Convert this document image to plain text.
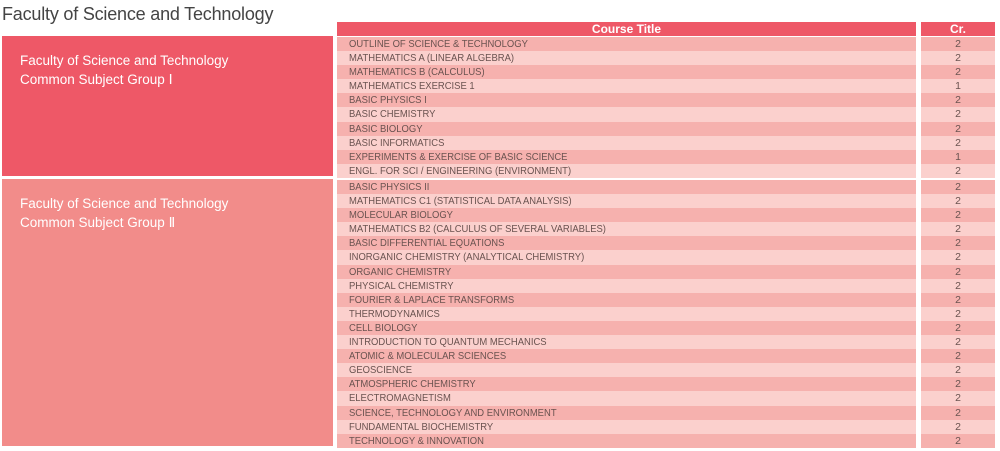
Faculty of Science and Technology
Course Title	Cr.
Faculty of Science and Technology
Common Subject Group Ⅰ
Faculty of Science and Technology
Common Subject Group Ⅱ
OUTLINE OF SCIENCE & TECHNOLOGY	2
MATHEMATICS A (LINEAR ALGEBRA)	2
MATHEMATICS B (CALCULUS)	2
MATHEMATICS EXERCISE 1	1
BASIC PHYSICS I	2
BASIC CHEMISTRY	2
BASIC BIOLOGY	2
BASIC INFORMATICS	2
EXPERIMENTS & EXERCISE OF BASIC SCIENCE	1
ENGL. FOR SCI / ENGINEERING (ENVIRONMENT)	2
BASIC PHYSICS II	2
MATHEMATICS C1 (STATISTICAL DATA ANALYSIS)	2
MOLECULAR BIOLOGY	2
MATHEMATICS B2 (CALCULUS OF SEVERAL VARIABLES)	2
BASIC DIFFERENTIAL EQUATIONS	2
INORGANIC CHEMISTRY (ANALYTICAL CHEMISTRY)	2
ORGANIC CHEMISTRY	2
PHYSICAL CHEMISTRY	2
FOURIER & LAPLACE TRANSFORMS	2
THERMODYNAMICS	2
CELL BIOLOGY	2
INTRODUCTION TO QUANTUM MECHANICS	2
ATOMIC & MOLECULAR SCIENCES	2
GEOSCIENCE	2
ATMOSPHERIC CHEMISTRY	2
ELECTROMAGNETISM	2
SCIENCE, TECHNOLOGY AND ENVIRONMENT	2
FUNDAMENTAL BIOCHEMISTRY	2
TECHNOLOGY & INNOVATION	2
